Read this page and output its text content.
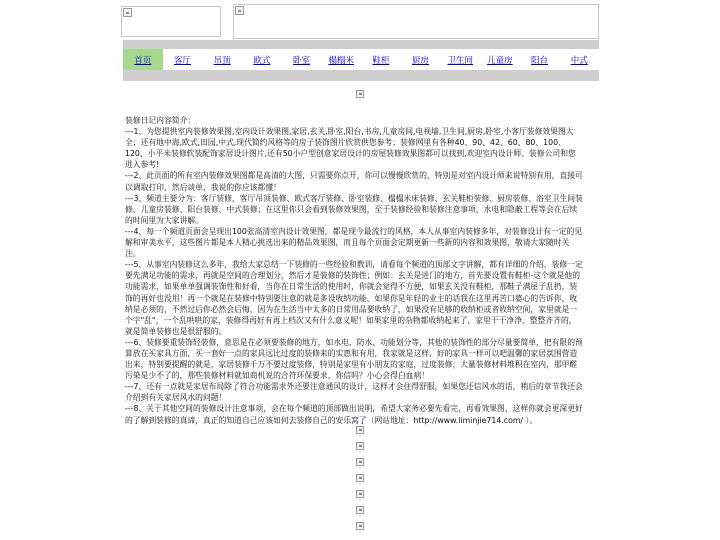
首页	客厅	吊顶	欧式	卧室	榻榻米	鞋柜	厨房	卫生间	儿童房	阳台	中式

装修日记内容简介：

---1、为您提供室内装修效果图,室内设计效果图,家居,玄关,卧室,阳台,书房,儿童房间,电视墙,卫生间,厨房,卧室,小客厅装修效果图大全；还有地中海,欧式,田园,中式,现代简约风格等的房子装饰图片欣赏供您参考；装修网里有各种40、90、42、60、80、100、120、小平米装修软装配饰家居设计图片,还有50小户型创意家居设计的房屋装修效果图都可以找到,欢迎室内设计师、装修公司和您进入参考!

---2、此页面的所有室内装修效果图都是高清的大图，只需要你点开，你可以慢慢欣赏的，特别是对室内设计师来说特别有用，直接可以调取打印，然后谈单，我说的你应该都懂！

---3、频道主要分为：客厅装修、客厅吊顶装修、欧式客厅装修、卧室装修、榻榻米床装修、玄关鞋柜装修、厨房装修、浴室卫生间装修、儿童房装修、阳台装修、中式装修；在这里你只会看到装修效果图，至于装修经验和装修注意事项，水电和隐蔽工程等会在后续的时间里为大家讲解。

---4、每一个频道页面会呈现出100张高清室内设计效果图，都是现今最流行的风格，本人从事室内装修多年，对装修设计有一定的见解和审美水平，这些图片都是本人精心挑选出来的精品效果图，而且每个页面会定期更新一些新的内容和效果图，敬请大家随时关注。

---5、从事室内装修这么多年，我给大家总结一下装修的一些经验和教训，请看每个频道的顶部文字讲解，都有详细的介绍，装修一定要先满足功能的需求，再就是空间的合理划分，然后才是装修的装饰性；例如：玄关是进门的地方，首先要设置有鞋柜-这个就是他的功能需求，如果单单强调装饰性和好看，当你在日常生活的使用时，你就会觉得不方便，如果玄关没有鞋柜，那鞋子满屋子乱扔，装饰的再好也没用！再一个就是在装修中特别要注意的就是多设收纳功能，如果你是年轻的业主的话我在这里再苦口婆心的告诉你，收纳是必须的，不然过后你必然会后悔，因为在生活当中太多的日常用品要收纳了，如果没有足够的收纳柜或者收纳空间，家里就是一个字"乱"，一个乱哄哄的家，装修得再好有再上档次又有什么意义呢！如果家里的杂物都收纳起来了，家里干干净净、整整齐齐的，就是简单装修也是很舒服的。

---6、装修要重装饰轻装修，意思是在必须要装修的地方，如水电、防水、功能划分等，其他的装饰性的部分尽量要简单，把有限的预算放在买家具方面，买一套好一点的家具远比过度的装修来的实惠和有用，我家就是这样，好的家具一样可以吧温馨的家居氛围营造出来，特别要提醒的就是，家居装修千万不要过度装修，特别是家里有小朋友的家庭，过度装修，大量装修材料堆积在室内，那甲醛污染是少不了的，那些装修材料就如商机说的合符环保要求，你信吗？小心会得白血病！

---7、还有一点就是家居布局除了符合功能需求外还要注意通风的设计，这样才会住得舒服，如果您还信风水的话，稍后的章节我还会介绍到有关家居风水的问题！

---8、关于其他空间的装修设计注意事项，会在每个频道的顶部做出说明，希望大家务必要先看完，再看效果图，这样你就会更深更好的了解到装修的真谛，真正的知道自己应该如何去装修自己的安乐窝了（网站地址：http://www.liminjie714.com/ ）。
